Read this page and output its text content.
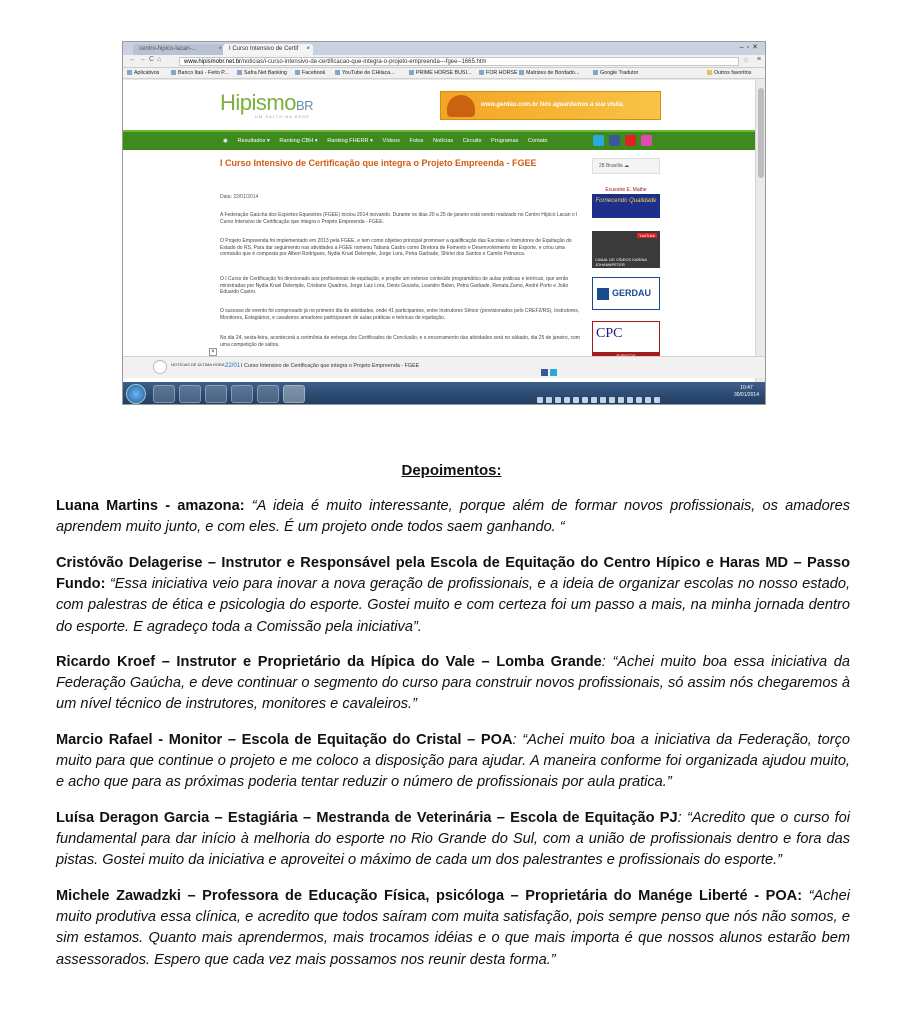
centro-hipico-lacan-...	×	I Curso Intensivo de Certif ×	–▫✕
←→C⌂	www.hipismobr.net.br/noticias/i-curso-intensivo-de-certificacao-que-integra-o-projeto-empreenda---fgee--1665.htm	☆ ≡
Aplicativos	Banco Itaú - Feito P...	Safra Net Banking	Facebook	YouTube de CHilaca...	PRIME HORSE BUSI...	FOR HORSE	Matrizes de Bordado...	Google Tradutor	Outros favoritos
HipismoBR
UM SALTO NA REDE
www.gerdau.com.br Nós aguardamos a sua visita.
◉ Resultados ▾ Ranking CBH ▾ Ranking FHERR ▾ Vídeos Fotos Notícias Circuits Programas Contato
I Curso Intensivo de Certificação que integra o Projeto Empreenda - FGEE
Data: 22/01/2014
A Federação Gaúcha dos Esportes Equestres (FGEE) iniciou 2014 inovando. Durante os dias 20 a 25 de janeiro está sendo realizado no Centro Hípico Lacan o I Curso Intensivo de Certificação que integra o Projeto Empreenda - FGEE.
O Projeto Empreenda foi implementado em 2013 pela FGEE, e tem como objetivo principal promover a qualificação das Escolas e Instrutores de Equitação do Estado do RS. Para dar seguimento nas atividades a FGEE nomeou Tatiana Castro como Diretora de Fomento e Desenvolvimento do Esporte, e criou uma comissão que é composta por Alberi Rodrigues, Nydia Kruel Delemple, Jorge Lora, Petra Garbade, Shirlei dos Santos e Camilo Petranca.
O I Curso de Certificação foi direcionado aos profissionais de equitação, e propõe um extenso conteúdo programático de aulas práticas e teóricas, que serão ministradas por Nydia Kruel Delemple, Cristiano Quadros, Jorge Luiz Lora, Denis Gouvêa, Leandro Balen, Petra Garbade, Renata Zamo, André Porto e João Eduardo Castro.
O sucesso do evento foi comprovado já no primeiro dia de atividades, onde 41 participantes, entre Instrutores Sênior (provisionados pelo CREF2/RS), Instrutores, Monitores, Estagiários, e cavaleiros amadores participaram de aulas práticas e teóricas de equitação.
No dia 24, sexta-feira, acontecerá a cerimônia de entrega dos Certificados de Conclusão, e o encerramento das atividades será no sábado, dia 25 de janeiro, com uma competição de saltos.
28 Brasília ☁
Ecuestre E. Mathe
Fornecendo Qualidade
YouTube
CANAL DE VÍDEOS KARINA JOHANNPETER
GERDAU
CPC
×
NOTÍCIAS DE ÚLTIMA HORA 22/01 I Curso Intensivo de Certificação que integra o Projeto Empreenda - FGEE
10:47
30/01/2014
Depoimentos:

Luana Martins - amazona: “A ideia é muito interessante, porque além de formar novos profissionais, os amadores aprendem muito junto, e com eles. É um projeto onde todos saem ganhando. “

Cristóvão Delagerise – Instrutor e Responsável pela Escola de Equitação do Centro Hípico e Haras MD – Passo Fundo: “Essa iniciativa veio para inovar a nova geração de profissionais, e a ideia de organizar escolas no nosso estado, com palestras de ética e psicologia do esporte. Gostei muito e com certeza foi um passo a mais, na minha jornada dentro do esporte. E agradeço toda a Comissão pela iniciativa”.

Ricardo Kroef – Instrutor e Proprietário da Hípica do Vale – Lomba Grande: “Achei muito boa essa iniciativa da Federação Gaúcha, e deve continuar o segmento do curso para construir novos profissionais, só assim nós chegaremos à um nível técnico de instrutores, monitores e cavaleiros.”

Marcio Rafael - Monitor – Escola de Equitação do Cristal – POA: “Achei muito boa a iniciativa da Federação, torço muito para que continue o projeto e me coloco a disposição para ajudar. A maneira conforme foi organizada ajudou muito, e acho que para as próximas poderia tentar reduzir o número de profissionais por aula pratica.”

Luísa Deragon Garcia – Estagiária – Mestranda de Veterinária – Escola de Equitação PJ: “Acredito que o curso foi fundamental para dar início à melhoria do esporte no Rio Grande do Sul, com a união de profissionais dentro e fora das pistas. Gostei muito da iniciativa e aproveitei o máximo de cada um dos palestrantes e profissionais do esporte.”

Michele Zawadzki – Professora de Educação Física, psicóloga – Proprietária do Manége Liberté - POA: “Achei muito produtiva essa clínica, e acredito que todos saíram com muita satisfação, pois sempre penso que nós não somos, e sim estamos. Quanto mais aprendermos, mais trocamos idéias e o que mais importa é que nossos alunos estarão bem assessorados. Espero que cada vez mais possamos nos reunir desta forma.”
